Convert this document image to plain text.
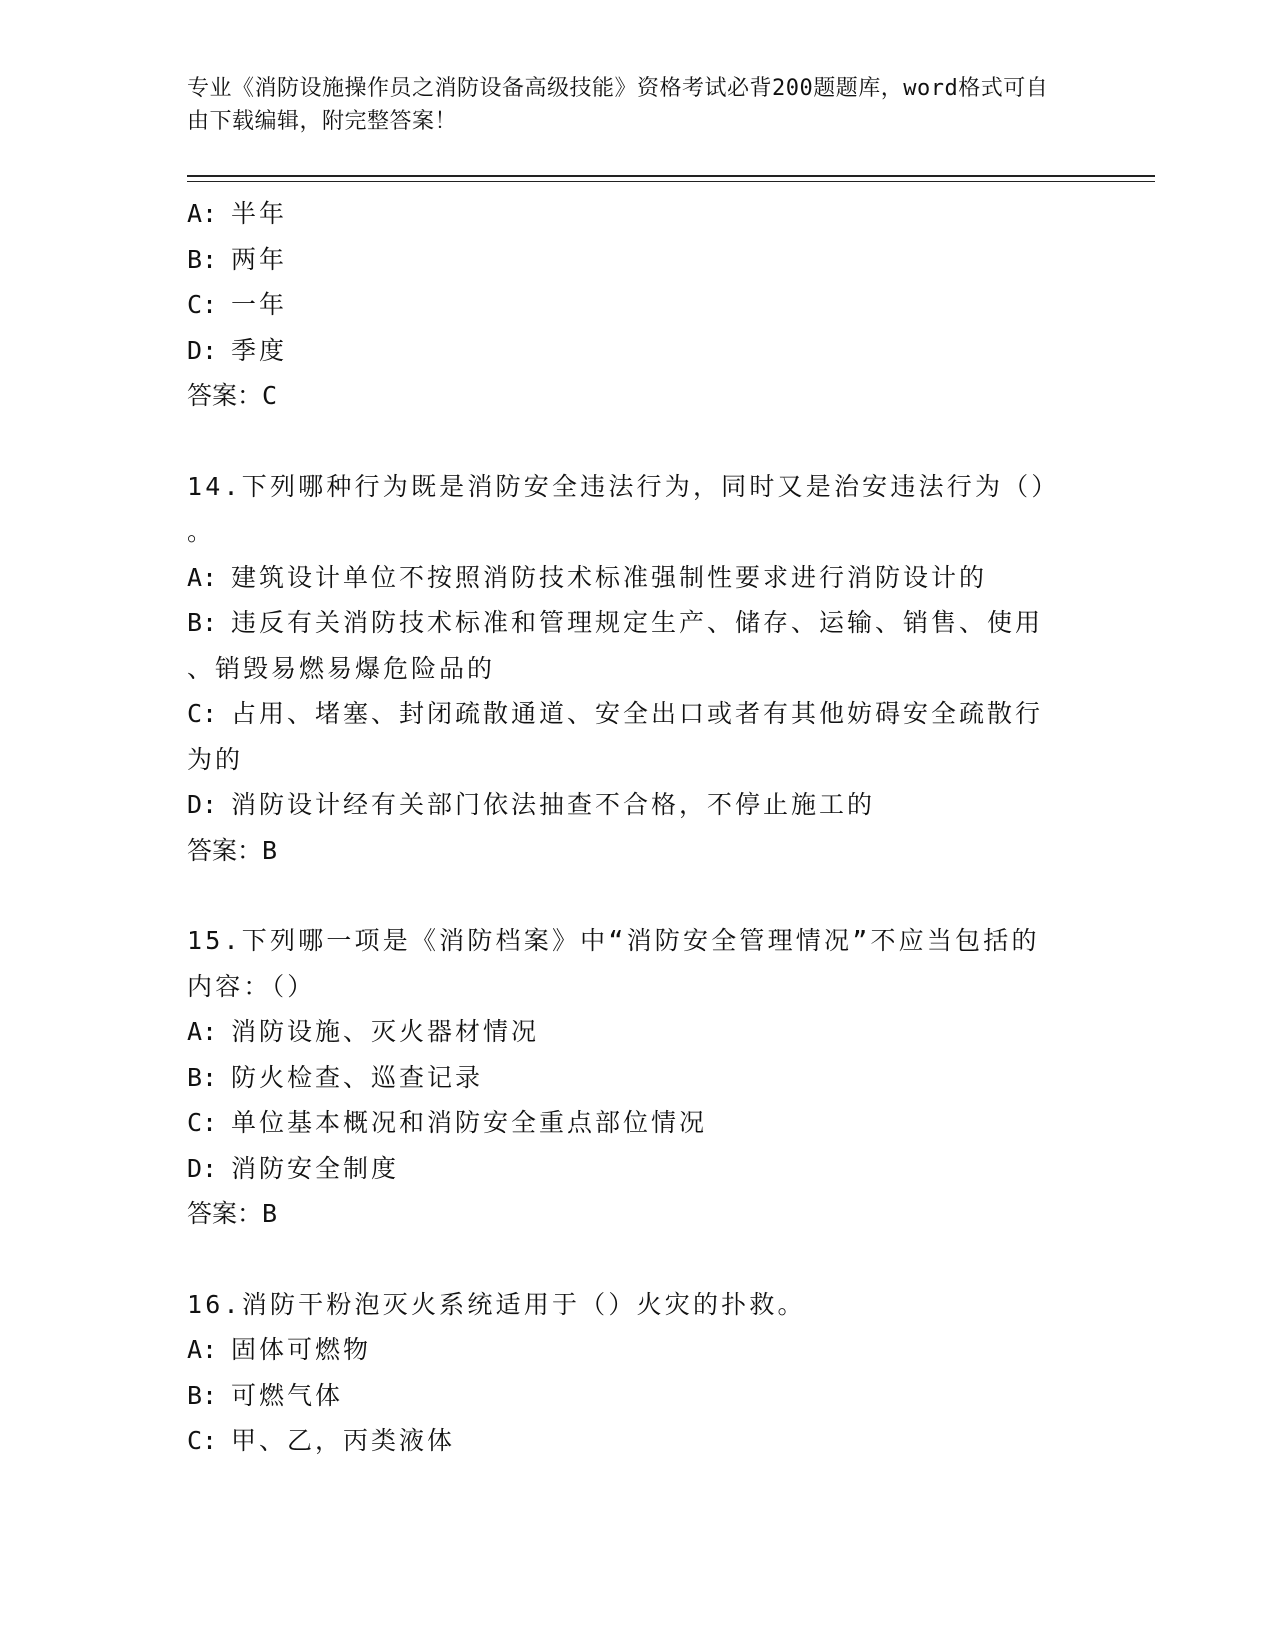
专业《消防设施操作员之消防设备高级技能》资格考试必背200题题库，word格式可自由下载编辑，附完整答案！
A: 半年
B: 两年
C: 一年
D: 季度
答案：C
14.下列哪种行为既是消防安全违法行为，同时又是治安违法行为（）
。
A: 建筑设计单位不按照消防技术标准强制性要求进行消防设计的
B: 违反有关消防技术标准和管理规定生产、储存、运输、销售、使用
、销毁易燃易爆危险品的
C: 占用、堵塞、封闭疏散通道、安全出口或者有其他妨碍安全疏散行
为的
D: 消防设计经有关部门依法抽查不合格，不停止施工的
答案：B
15.下列哪一项是《消防档案》中“消防安全管理情况”不应当包括的
内容：（）
A: 消防设施、灭火器材情况
B: 防火检查、巡查记录
C: 单位基本概况和消防安全重点部位情况
D: 消防安全制度
答案：B
16.消防干粉泡灭火系统适用于（）火灾的扑救。
A: 固体可燃物
B: 可燃气体
C: 甲、乙，丙类液体
